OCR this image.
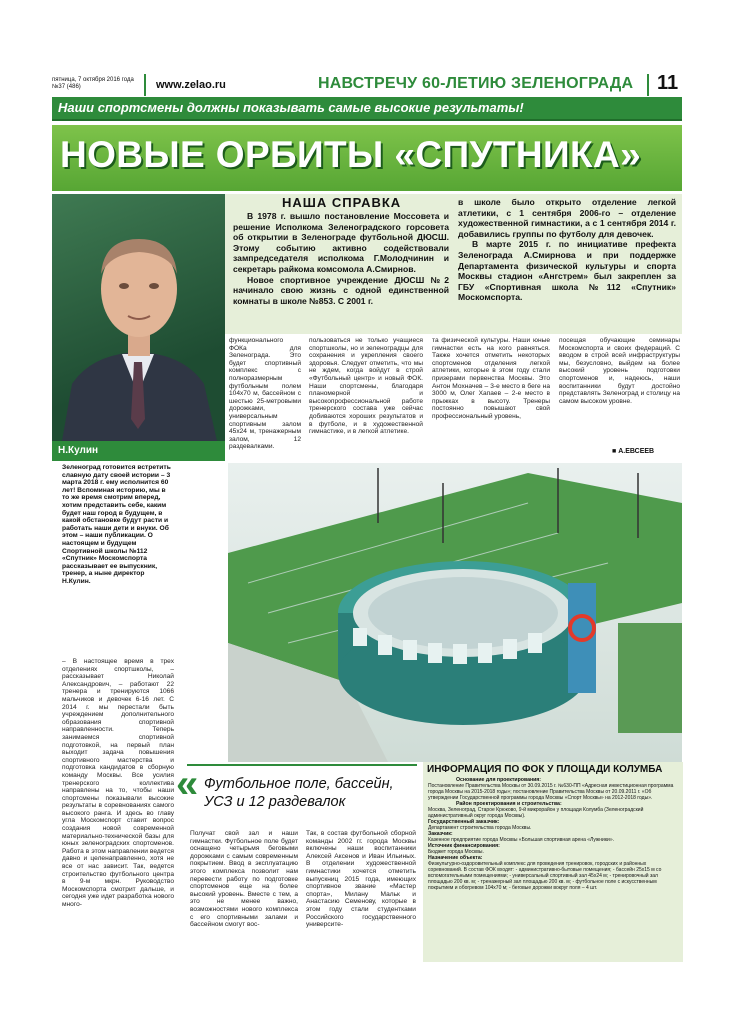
пятница, 7 октября 2016 года
№37 (486)	www.zelao.ru	НАВСТРЕЧУ 60-ЛЕТИЮ ЗЕЛЕНОГРАДА 11
Наши спортсмены должны показывать самые высокие результаты!
НОВЫЕ ОРБИТЫ «СПУТНИКА»
Н.Кулин
НАША СПРАВКА
В 1978 г. вышло постановление Моссовета и решение Исполкома Зеленоградского горсовета об открытии в Зеленограде футбольной ДЮСШ. Этому событию активно содействовали зампредседателя исполкома Г.Молодчинин и секретарь райкома комсомола А.Смирнов.
Новое спортивное учреждение ДЮСШ №2 начинало свою жизнь с одной единственной комнаты в школе №853. С 2001 г.
в школе было открыто отделение легкой атлетики, с 1 сентября 2006-го – отделение художественной гимнастики, а с 1 сентября 2014 г. добавились группы по футболу для девочек.
В марте 2015 г. по инициативе префекта Зеленограда А.Смирнова и при поддержке Департамента физической культуры и спорта Москвы стадион «Ангстрем» был закреплен за ГБУ «Спортивная школа №112 «Спутник» Москомспорта.
функционального ФОКа для Зеленограда. Это будет спортивный комплекс с полноразмерным футбольным полем 104х70 м, бассейном с шестью 25-метровыми дорожками, универсальным спортивным залом 45х24 м, тренажерным залом, 12 раздевалками.
пользоваться не только учащиеся спортшколы, но и зеленоградцы для сохранения и укрепления своего здоровья. Следует отметить, что мы не ждем, когда войдут в строй «Футбольный центр» и новый ФОК. Наши спортсмены, благодаря планомерной и высокопрофессиональной работе тренерского состава уже сейчас добиваются хороших результатов и в футболе, и в художественной гимнастике, и в легкой атлетике.
та физической культуры. Наши юные гимнастки есть на кого равняться. Также хочется отметить некоторых спортсменов отделения легкой атлетики, которые в этом году стали призерами первенства Москвы. Это Антон Мохначев – 3-е место в беге на 3000 м, Олег Хапаев – 2-е место в прыжках в высоту. Тренеры постоянно повышают свой профессиональный уровень,
посещая обучающие семинары Москомспорта и своих федераций. С вводом в строй всей инфраструктуры мы, безусловно, выйдем на более высокий уровень подготовки спортсменов и, надеюсь, наши воспитанники будут достойно представлять Зеленоград и столицу на самом высоком уровне.
■ А.ЕВСЕЕВ
Зеленоград готовится встретить славную дату своей истории – 3 марта 2018 г. ему исполнится 60 лет! Вспоминая историю, мы в то же время смотрим вперед, хотим представить себе, каким будет наш город в будущем, в какой обстановке будут расти и работать наши дети и внуки. Об этом – наши публикации. О настоящем и будущем Спортивной школы №112 «Спутник» Москомспорта рассказывает ее выпускник, тренер, а ныне директор Н.Кулин.
– В настоящее время в трех отделениях спортшколы, – рассказывает Николай Александрович, – работают 22 тренера и тренируются 1066 мальчиков и девочек 6-16 лет. С 2014 г. мы перестали быть учреждением дополнительного образования спортивной направленности. Теперь занимаемся спортивной подготовкой, на первый план выходит задача повышения спортивного мастерства и подготовка кандидатов в сборную команду Москвы. Все усилия тренерского коллектива направлены на то, чтобы наши спортсмены показывали высокие результаты в соревнованиях самого высокого ранга. И здесь во главу угла Москомспорт ставит вопрос создания новой современной материально-технической базы для юных зеленоградских спортсменов. Работа в этом направлении ведется давно и целенаправленно, хотя не все от нас зависит. Так, ведется строительство футбольного центра в 9-м мкрн. Руководство Москомспорта смотрит дальше, и сегодня уже идет разработка нового много-
« Футбольное поле, бассейн, УСЗ и 12 раздевалок
Получат свой зал и наши гимнастки. Футбольное поле будет оснащено четырьмя беговыми дорожками с самым современным покрытием. Ввод в эксплуатацию этого комплекса позволит нам перевести работу по подготовке спортсменов еще на более высокий уровень. Вместе с тем, а это не менее важно, возможностями нового комплекса с его спортивными залами и бассейном смогут вос-
Так, в состав футбольной сборной команды 2002 гг. города Москвы включены наши воспитанники Алексей Аксенов и Иван Ильиных. В отделении художественной гимнастики хочется отметить выпускниц 2015 года, имеющих спортивное звание «Мастер спорта», Милану Мальк и Анастасию Семенову, которые в этом году стали студентками Российского государственного университе-
ИНФОРМАЦИЯ ПО ФОК У ПЛОЩАДИ КОЛУМБА
Основание для проектирования:
Постановление Правительства Москвы от 30.09.2015 г. №630-ПП «Адресная инвестиционная программа города Москвы на 2015-2018 годы»; постановление Правительства Москвы от 20.09.2011 г. «Об утверждении Государственной программы города Москвы «Спорт Москвы» на 2012-2018 годы».
Район проектирования и строительства:
Москва, Зеленоград, Старое Крюково, 9-й микрорайон у площади Колумба (Зеленоградский административный округ города Москвы).
Государственный заказчик:
Департамент строительства города Москвы.
Заказчик:
Казенное предприятие города Москвы «Большая спортивная арена «Лужники».
Источник финансирования:
Бюджет города Москвы.
Назначение объекта:
Физкультурно-оздоровительный комплекс для проведения тренировок, городских и районных соревнований. В состав ФОК входят: - административно-бытовые помещения; - бассейн 25х15 м со вспомогательными помещениями; - универсальный спортивный зал 45х24 м; - тренировочный зал площадью 200 кв. м; - тренажерный зал площадью 200 кв. м; - футбольное поле с искусственным покрытием и обогревом 104х70 м; - беговые дорожки вокруг поля – 4 шт.
